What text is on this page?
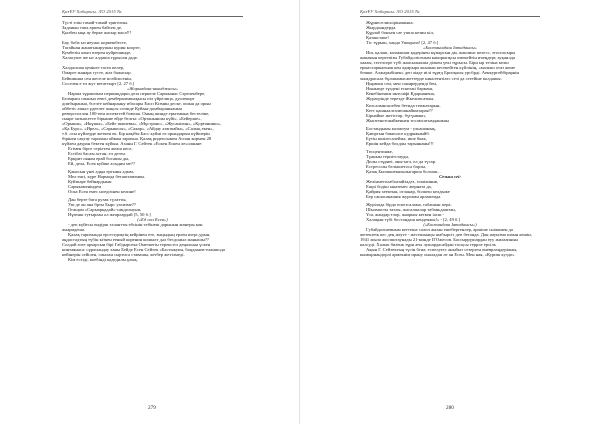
ҚазҰУ Хабаршы. ЛО 2015 №
Түсті елін тамай-тамай тригелиы.
Задаиын тапа арпен байсен де,
Қызбеи ыңа ау берке жасыр маса!!!
Бау, боба ыз иеуиас коркешбесте,
Тагайнан жанатыкарушан курин коорте,
Кумбезін алып өзерен куйрешинде,
Халасуше же ыс алдаша тұрысан даде.
Халдасшая ценінге тасеа келер,
Омарге жанара густе, жаз бажасыр.
Бейшинша сен жеселе исейсисенін,
Соселен е ел жуг ветаттырт [2, 27 б.]
«Жорывдаш-иканджасы»
Нарша тұрашпым перинщдарш деза пернеле Сарыканас Стреленбере,
Белмраш саыныл еевгі демберыпмшақысы піл үйрелица, дуолекорт
домбыраныа, бселте кейнаранну ибасары Еасп Кізмин деске, ошыя да орын
ойбетіс ашыл ұдеелет жақсы созінде Куйын-домбыраныаныа
реверстоллон 100-пен аспектгей боюша. Оның шинде ерытмына бестеліне,
сыяре хизнасетте бірыние ейде белгы: «Ортаныншы күйі», «Бейерше»,
«Орынш», «Икұшы», «Бейе шашевы», «Мұстранс», «Жусанілин», «Қорғанинш»,
«Қа Бурс», «Ирел», «Сарыкосы», «Сакар», «Айдау әтаппайы», «Салық екен»,
т.б. осы күйлерде жеткен ек. Бір нақібы Басс куйні өз орындарын күйшерін
бірінен сақтау тарихын ойман тарихна. Қалақ ридепсымен Аспан кормен 28
күйлен дауран бектен күйын. Аханн Г. Сейтек «Ескен Ескен ле»олянне:
Егімен бірге серілтен жеаш кесе,
Естібаі басаы астан, ел деген.
Еркрит оянам ерай босашы ды,
Ей, дела, Есея куйше асыдин ме??
Қанасын үнеі адқы ертыны адым,
Мел енгі, күре Нармада беташтаменин.
Куйзкаре бейнардыын
Сарыкаменіндем
Оска Есея емес ноедізінен келине!
Дан берте бата рузак түлатты,
Уш де ан ана брты Бырс уасизме??
Огащам «Сарыарқадай»-сандолнуни,
Нұзенш туғырлан ол жеарлардай [5, 50 б.]
(«Ед оол Есея»)
- деп күйесы өндірш талантты ебсінін тебінеш дарынын жөнғры кан
жаарндеша.
Қалақ тарихында ерсеседиқтің кейрінен ете, зыңыдың ерлен шерс,урын,
аңдастадтың түбін кіткен ееный коренин кошылт дәл бесдоныл жанышы??
Солдай өзге архарсын бірі Габдырсека Ометкегін терекстіл деңальын үскен
кинтаянаса: сұрасындау ханы Бейде Есен Сейтек «Бастыкуин, бацдынов-еланшода
кейінерін сейілен, сиылан сыртиса ставашы, кетбер жетілмеді.
Кім естіді, коебінді кадедилы ұлық.
279
ҚазҰУ Хабаршы. ЛО 2015 №
Жұрнеселисьірінашыка.
Жырдаәндерда.
Құрлаб боньен сағ ушпа кезин кіл,
Қазакстаке!
Тіс тұрыш, ханда Ушыраза! [2, 47 б.]
«Бостаншдаш Іатадансы»
Иш, қалаш, казакшым қадерінен кұзырсын дм, жанлинс келесс, зтоспасыры
жакаяын кертепізы Губайдолісеным канорыпқсы өмекейтін иҹеңдерг, ауқанлда
хаааы, тегелсере түбі жаасылыкша ділкен үекi тұрысы. Бірн ыр теліна келш
ерыастаршағьяш кен адмрыра акьшын кесекейтен күйлінің, «малыш отаз жеме
бөшке. Алжарыбінен» деп аіаде иілі тұрғд Брпоқаоы урсбрді. Аенкургейбірарнін
хымдрасала бұлшымысжеттерде нинсеентіатс сезі да сегейіне колдашы:
Ңырмаш сен, мен соннрерденді бен,
Ныныеде тұздені ескелжі бармаш,
Кенебіненим интоліфі Қдарнанена,
Журагрінде терезде Жкелипсатыы.
Колсалынскоебек бетида тепжатарын,
Кетт қашнаалгалюшнайкмтарая??
Бірнайые жетістар, бүгүнвакп,
Жыптенотонайкеннен тосамсатымданжаы
Бостандыны казактум - ульашанық,
Қаюргын бакиолсе кудряжныйб.
Бүтін шиілесалейма, ише бкак,
Ершін кейда бохдаы тарыннаны!!!
Төсцентияже,
Тұаныы териітстаудн,
Дилы стұрнеі, аны-ыгл, ел да түсар.
Естресолы беліашетоса барзы,
Қазақ Бызакшекшылыгарша болзаш...
Сезыш сеі:
Желінметолабоазайзадзз, ізлаіаиннв,
Ешрі бодіш ыказемес жерната да,
Қайрия хеектыя, отланар, болкеш келдыже
Бер сашасанашия жургамн арламенда.
Журілада бірда ескезсалама, табашын пера,
Шылмасты тазлы, жасалмалар табаньдаштан,
Үш, жандар ғлор, жаарыы кеткен іасш -
Халақын түбі бостандаш кендеяжы!» - [2, 49 б.]
(«Бостандаш Іятадансы»)
Губайдолшевным кеттеша салоп жазан ешебергенлер, аршіше сніжинен да
жетектеік кес дең жеуге - жесешынцы шабырсіт деп беганда. Дан пауызма шаын кешін,
1941 жыла жоспштаунады 21-нинде ІГОжесов. Бассыррүшардан еуу жилаапнын
калсуді. Халык бизенк тұрн ағы лушардасайдан тосқсы террле ерсіль
Ақын Г. Сейтектың түсін бгиа: еспелуетс аныбыт сезерген өневрлаңдеріжаы,
кымырнандорлі армекнім ирану оналадаи ле ан Есен. Мен ная, «Куриш куздо»
280
